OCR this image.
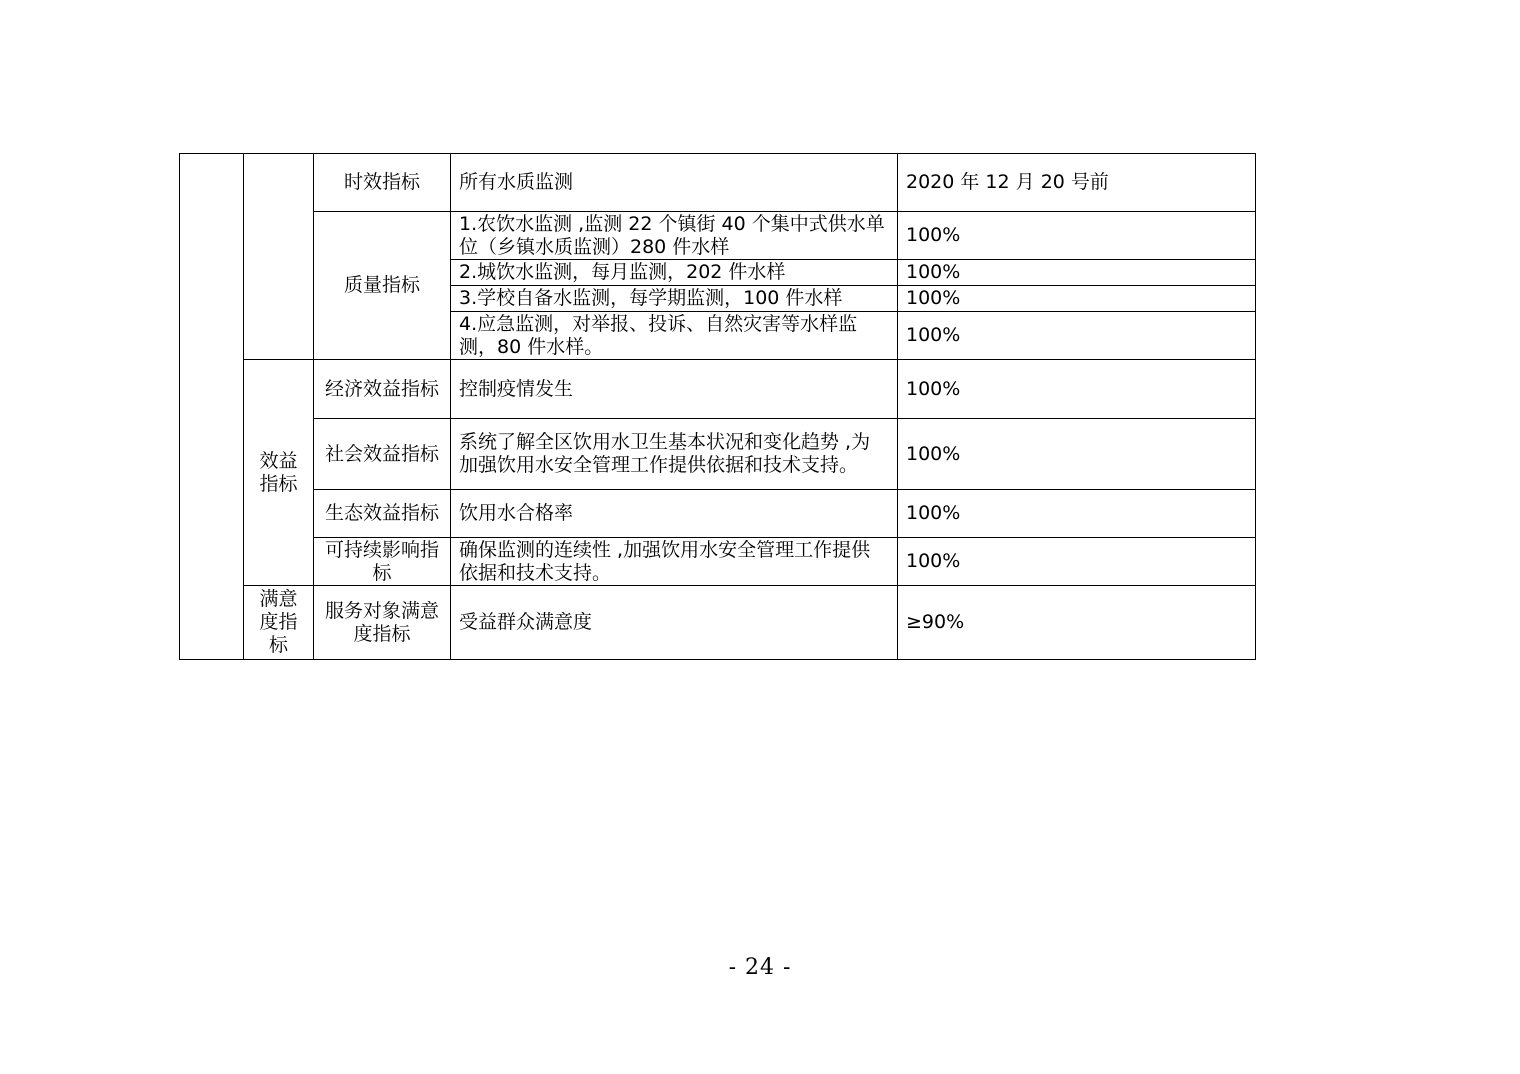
		时效指标	所有水质监测	2020 年 12 月 20 号前
		质量指标	1.农饮水监测 ,监测 22 个镇街 40 个集中式供水单位（乡镇水质监测）280 件水样	100%
			2.城饮水监测，每月监测，202 件水样	100%
			3.学校自备水监测，每学期监测，100 件水样	100%
			4.应急监测，对举报、投诉、自然灾害等水样监测，80 件水样。	100%
	效益指标	经济效益指标	控制疫情发生	100%
		社会效益指标	系统了解全区饮用水卫生基本状况和变化趋势 ,为加强饮用水安全管理工作提供依据和技术支持。	100%
		生态效益指标	饮用水合格率	100%
		可持续影响指标	确保监测的连续性 ,加强饮用水安全管理工作提供依据和技术支持。	100%
	满意度指标	服务对象满意度指标	受益群众满意度	≥90%
- 24 -
